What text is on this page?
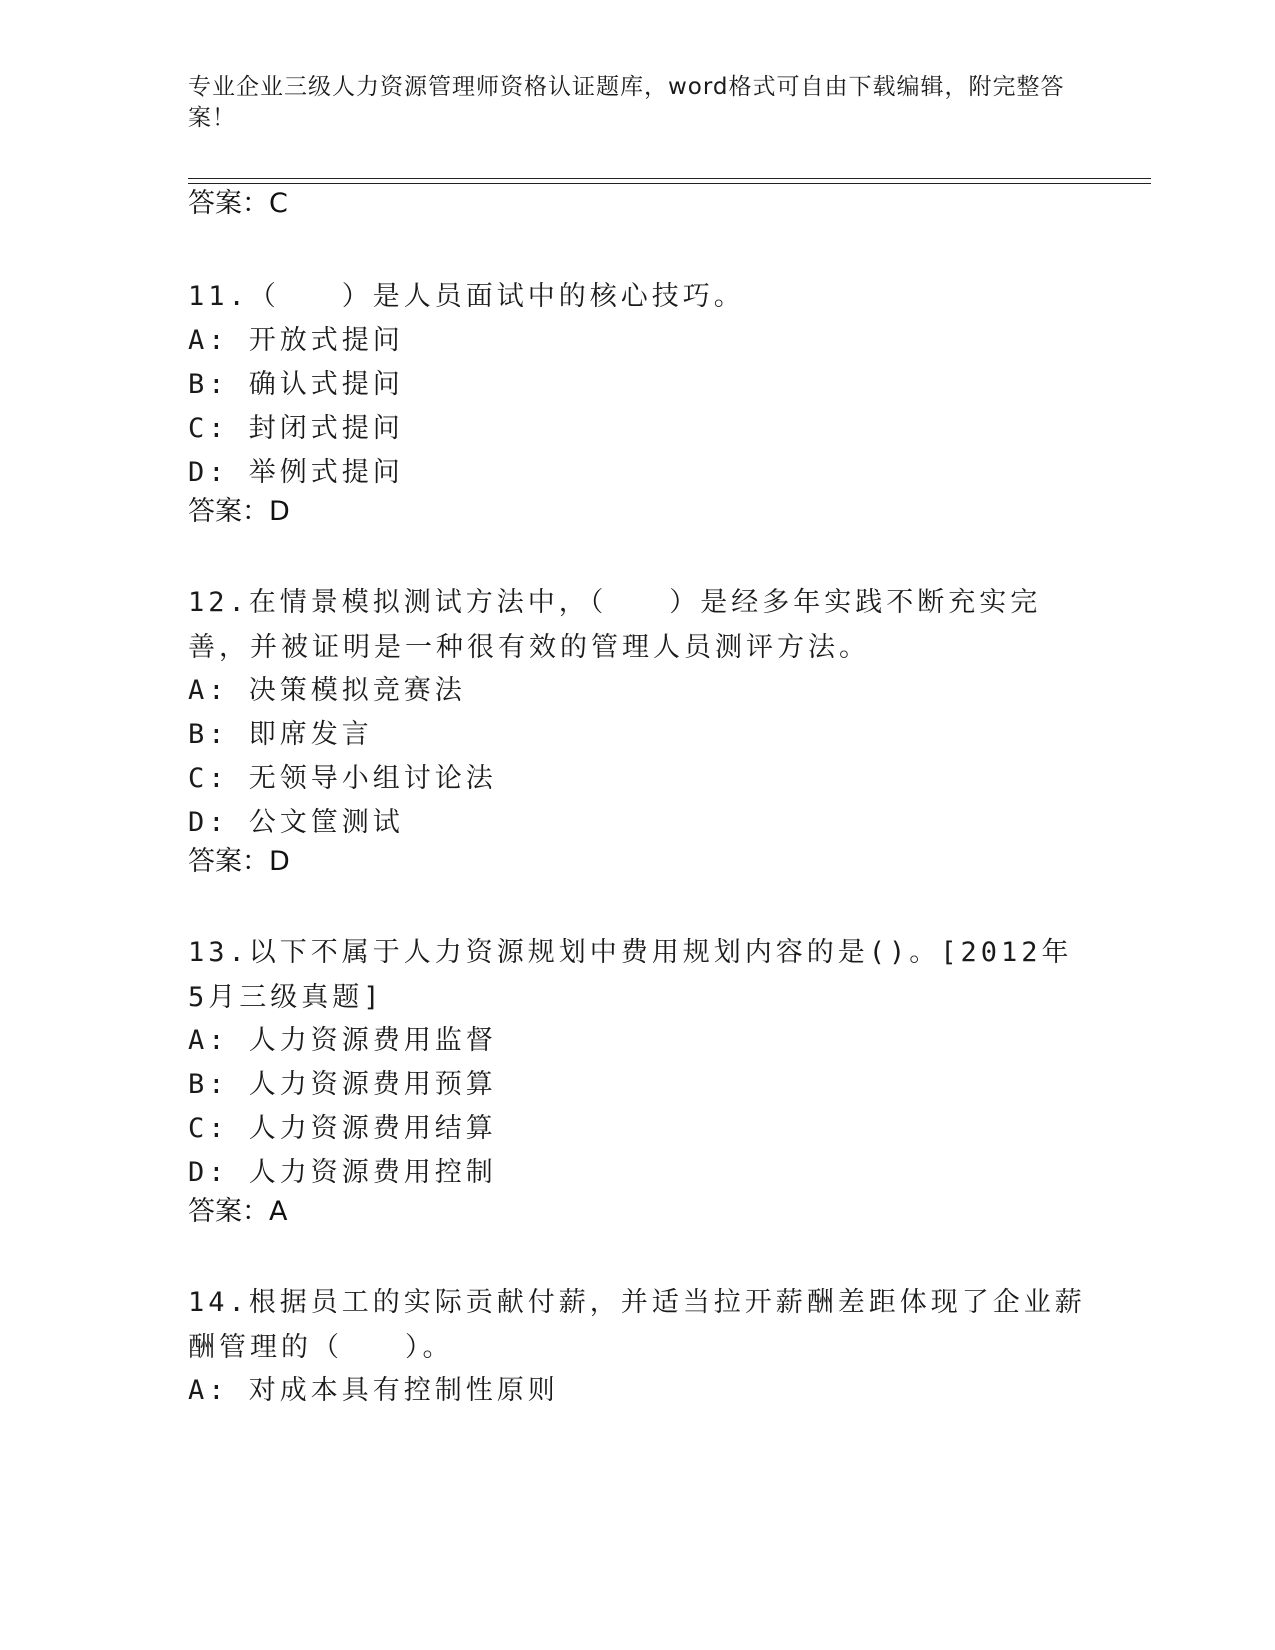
专业企业三级人力资源管理师资格认证题库，word格式可自由下载编辑，附完整答案！
答案：C
11.（　　）是人员面试中的核心技巧。
A: 开放式提问
B: 确认式提问
C: 封闭式提问
D: 举例式提问
答案：D
12.在情景模拟测试方法中，（　　）是经多年实践不断充实完善，并被证明是一种很有效的管理人员测评方法。
A: 决策模拟竞赛法
B: 即席发言
C: 无领导小组讨论法
D: 公文筐测试
答案：D
13.以下不属于人力资源规划中费用规划内容的是()。[2012年5月三级真题]
A: 人力资源费用监督
B: 人力资源费用预算
C: 人力资源费用结算
D: 人力资源费用控制
答案：A
14.根据员工的实际贡献付薪，并适当拉开薪酬差距体现了企业薪酬管理的（　　）。
A: 对成本具有控制性原则
